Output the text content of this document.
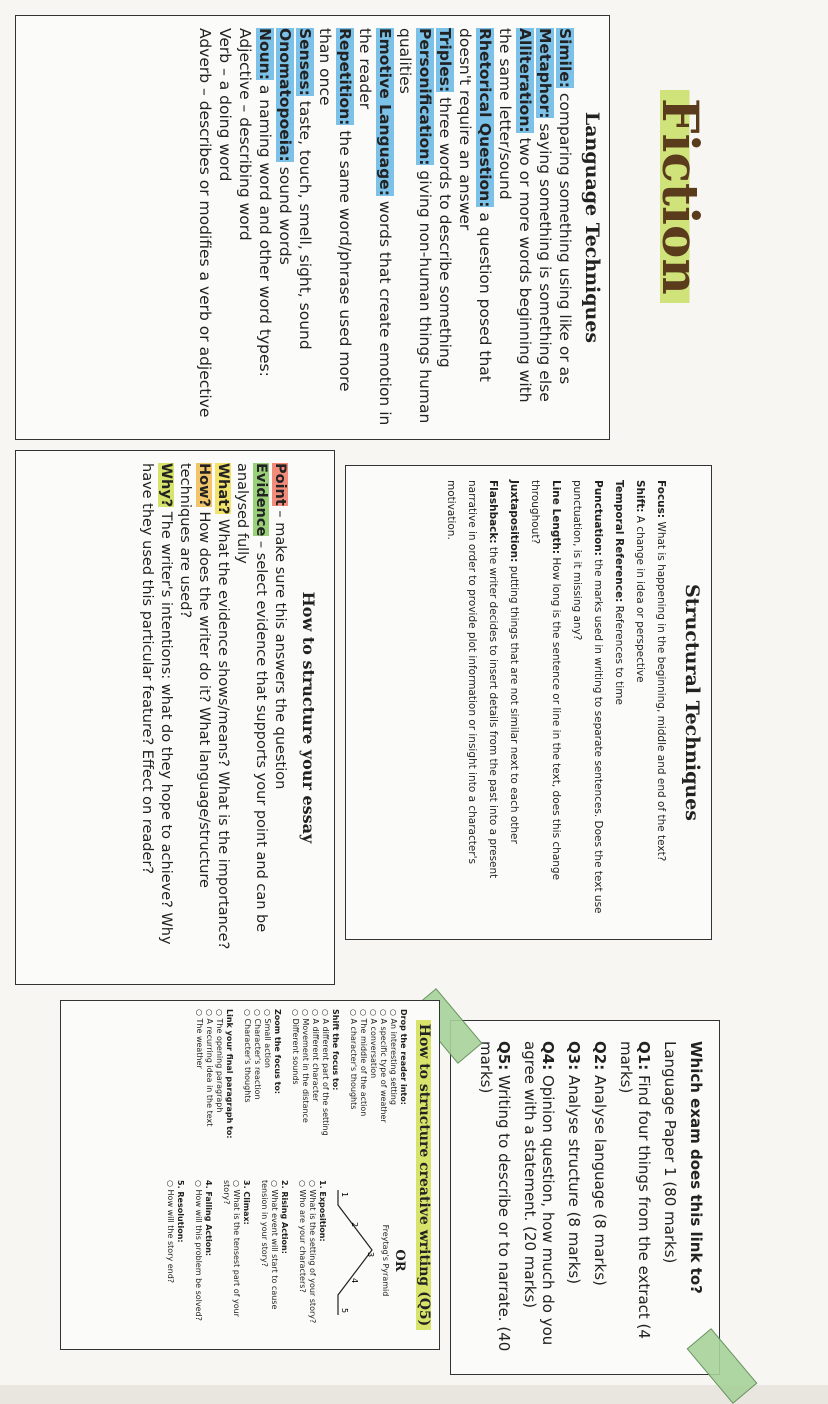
Fiction
Language Techniques

Simile: comparing something using like or as

Metaphor: saying something is something else

Alliteration: two or more words beginning with the same letter/sound

Rhetorical Question: a question posed that doesn't require an answer

Triples: three words to describe something

Personification: giving non-human things human qualities

Emotive Language: words that create emotion in the reader

Repetition: the same word/phrase used more than once

Senses: taste, touch, smell, sight, sound

Onomatopoeia: sound words

Noun: a naming word and other word types:

Adjective – describing word

Verb – a doing word

Adverb – describes or modifies a verb or adjective

Structural Techniques

Focus: What is happening in the beginning, middle and end of the text?

Shift: A change in idea or perspective

Temporal Reference: References to time

Punctuation: the marks used in writing to separate sentences. Does the text use punctuation, is it missing any?

Line Length: How long is the sentence or line in the text, does this change throughout?

Juxtaposition: putting things that are not similar next to each other

Flashback: the writer decides to insert details from the past into a present narrative in order to provide plot information or insight into a character's motivation.

How to structure your essay

Point – make sure this answers the question

Evidence – select evidence that supports your point and can be analysed fully

What? What the evidence shows/means? What is the importance?

How? How does the writer do it? What language/structure techniques are used?

Why? The writer's intentions: what do they hope to achieve? Why have they used this particular feature? Effect on reader?

Which exam does this link to?
Language Paper 1 (80 marks)
Q1: Find four things from the extract (4 marks)
Q2: Analyse language (8 marks)
Q3: Analyse structure (8 marks)
Q4: Opinion question, how much do you agree with a statement. (20 marks)
Q5: Writing to describe or to narrate. (40 marks)
How to structure creative writing (Q5)

Drop the reader into:
○ An interesting setting
○ A specific type of weather
○ A conversation
○ The middle of the action
○ A character's thoughts

Shift the focus to:
○ A different part of the setting
○ A different character
○ Movement in the distance
○ Different sounds

Zoom the focus to:
○ Small action
○ Character's reaction
○ Character's thoughts

Link your final paragraph to:
○ The opening paragraph
○ A recurring idea in the text
○ The weather

OR
Freytag's Pyramid
1
2
3
4
5

1. Exposition:
○ What is the setting of your story?
○ Who are your characters?

2. Rising Action:
○ What event will start to cause tension in your story?

3. Climax:
○ What is the tensest part of your story?

4. Falling Action:
○ How will this problem be solved?

5. Resolution:
○ How will the story end?
